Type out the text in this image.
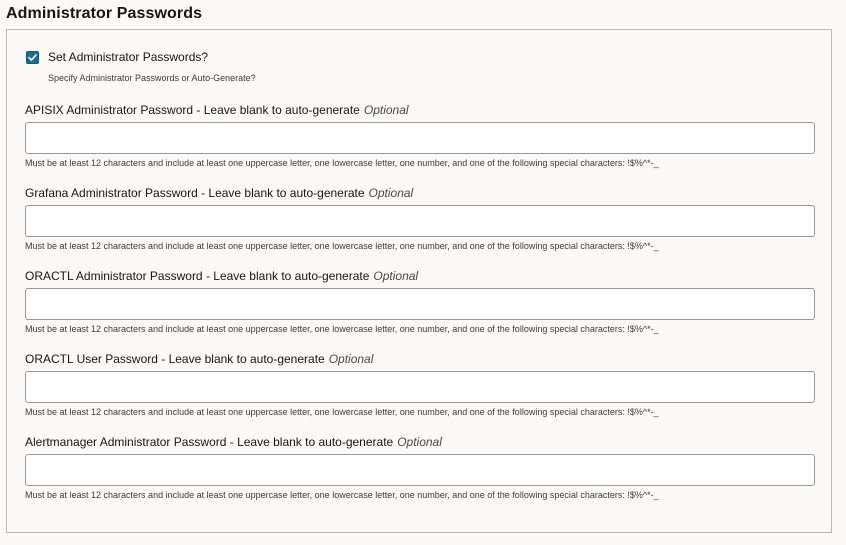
Administrator Passwords
Set Administrator Passwords?
Specify Administrator Passwords or Auto-Generate?
APISIX Administrator Password - Leave blank to auto-generate Optional
Must be at least 12 characters and include at least one uppercase letter, one lowercase letter, one number, and one of the following special characters: !$%^*-_
Grafana Administrator Password - Leave blank to auto-generate Optional
Must be at least 12 characters and include at least one uppercase letter, one lowercase letter, one number, and one of the following special characters: !$%^*-_
ORACTL Administrator Password - Leave blank to auto-generate Optional
Must be at least 12 characters and include at least one uppercase letter, one lowercase letter, one number, and one of the following special characters: !$%^*-_
ORACTL User Password - Leave blank to auto-generate Optional
Must be at least 12 characters and include at least one uppercase letter, one lowercase letter, one number, and one of the following special characters: !$%^*-_
Alertmanager Administrator Password - Leave blank to auto-generate Optional
Must be at least 12 characters and include at least one uppercase letter, one lowercase letter, one number, and one of the following special characters: !$%^*-_
